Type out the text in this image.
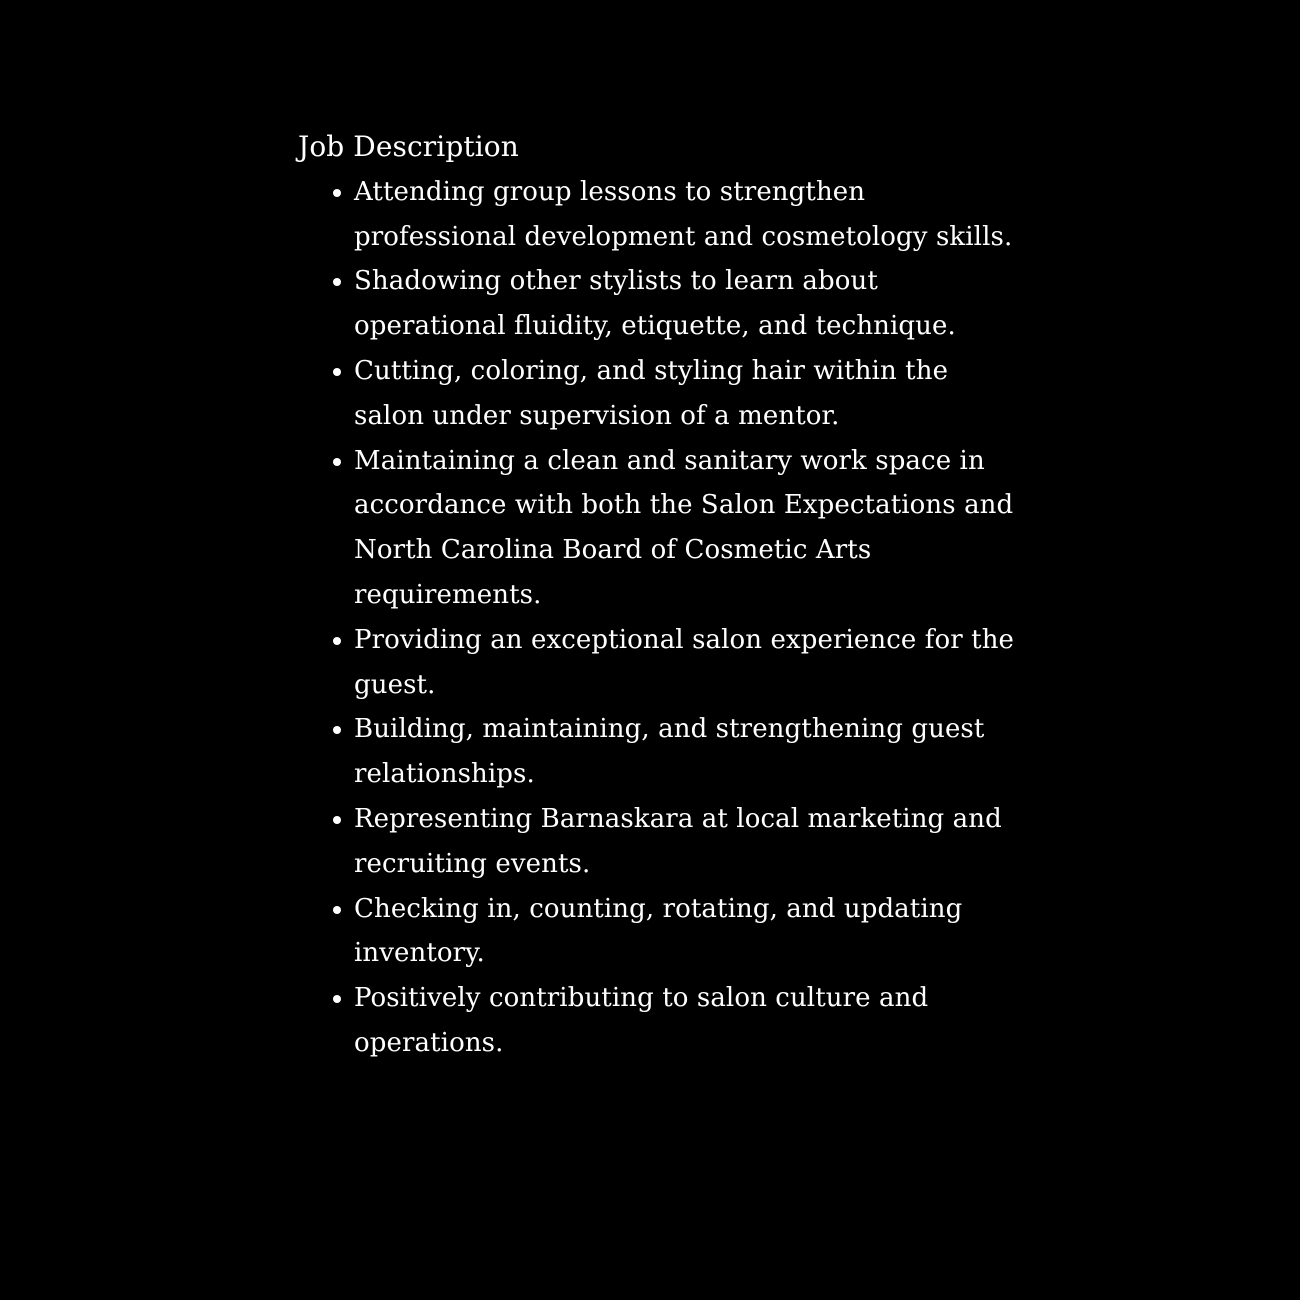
Job Description
Attending group lessons to strengthen professional development and cosmetology skills.
Shadowing other stylists to learn about operational fluidity, etiquette, and technique.
Cutting, coloring, and styling hair within the salon under supervision of a mentor.
Maintaining a clean and sanitary work space in accordance with both the Salon Expectations and North Carolina Board of Cosmetic Arts requirements.
Providing an exceptional salon experience for the guest.
Building, maintaining, and strengthening guest relationships.
Representing Barnaskara at local marketing and recruiting events.
Checking in, counting, rotating, and updating inventory.
Positively contributing to salon culture and operations.
